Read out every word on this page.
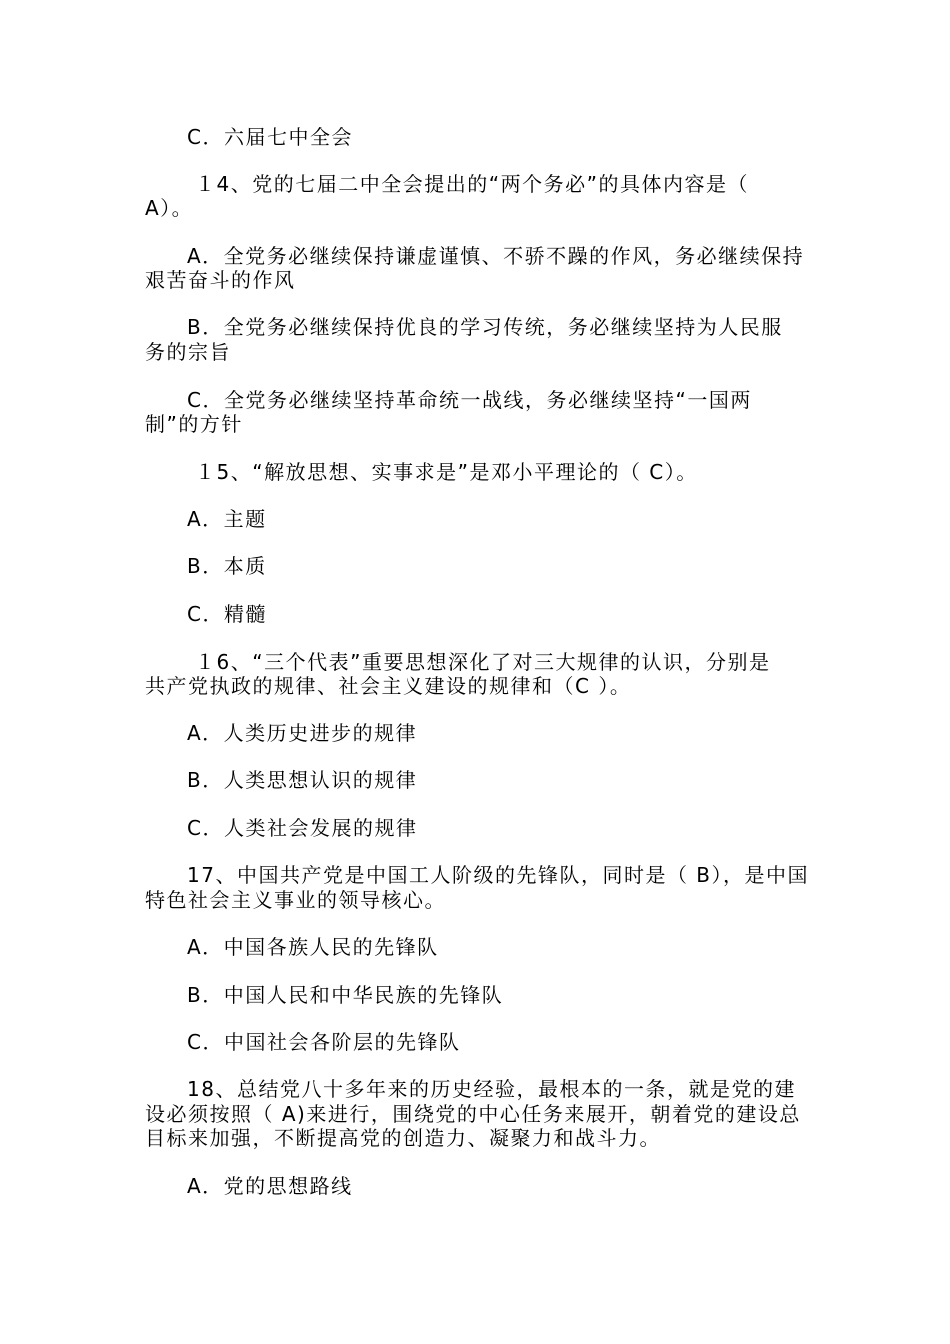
C．六届七中全会
１4、党的七届二中全会提出的“两个务必”的具体内容是（
A）。
A．全党务必继续保持谦虚谨慎、不骄不躁的作风，务必继续保持
艰苦奋斗的作风
B．全党务必继续保持优良的学习传统，务必继续坚持为人民服
务的宗旨
C．全党务必继续坚持革命统一战线，务必继续坚持“一国两
制”的方针
１5、“解放思想、实事求是”是邓小平理论的（ C）。
A．主题
B．本质
C．精髓
１6、“三个代表”重要思想深化了对三大规律的认识，分别是
共产党执政的规律、社会主义建设的规律和（C ）。
A．人类历史进步的规律
B．人类思想认识的规律
C．人类社会发展的规律
17、中国共产党是中国工人阶级的先锋队，同时是（ B），是中国
特色社会主义事业的领导核心。
A．中国各族人民的先锋队
B．中国人民和中华民族的先锋队
C．中国社会各阶层的先锋队
18、总结党八十多年来的历史经验，最根本的一条，就是党的建
设必须按照（ A)来进行，围绕党的中心任务来展开，朝着党的建设总
目标来加强，不断提高党的创造力、凝聚力和战斗力。
A．党的思想路线
